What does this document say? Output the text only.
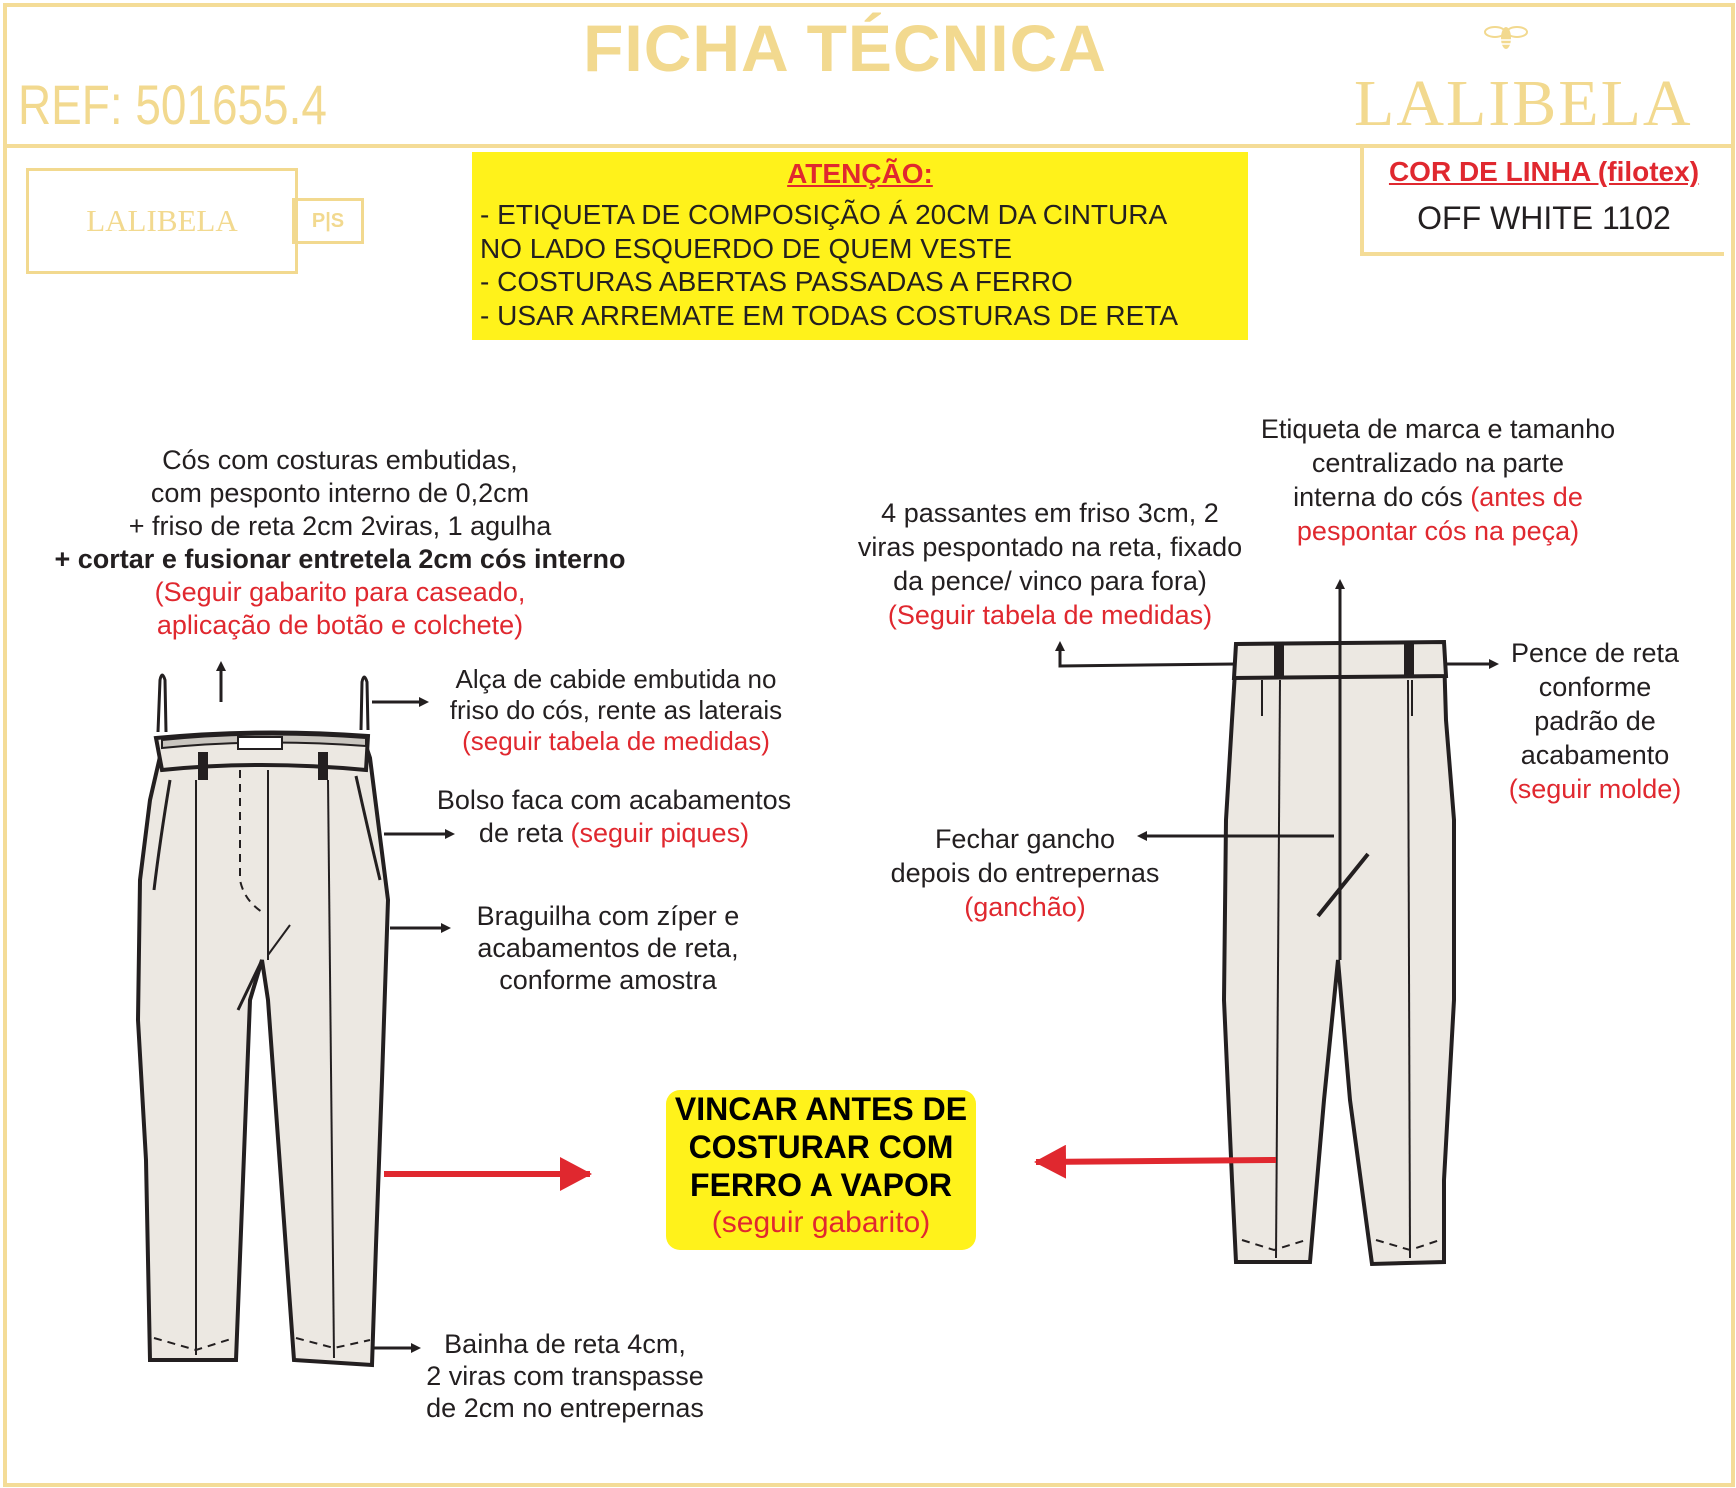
FICHA TÉCNICA
REF: 501655.4	LALIBELA
LALIBELA	P|S
ATENÇÃO:
- ETIQUETA DE COMPOSIÇÃO Á 20CM DA CINTURA
NO LADO ESQUERDO DE QUEM VESTE
- COSTURAS ABERTAS PASSADAS A FERRO
- USAR ARREMATE EM TODAS COSTURAS DE RETA
COR DE LINHA (filotex)
OFF WHITE 1102
Cós com costuras embutidas,
com pesponto interno de 0,2cm
+ friso de reta 2cm 2viras, 1 agulha
+ cortar e fusionar entretela 2cm cós interno
(Seguir gabarito para caseado,
aplicação de botão e colchete)
Alça de cabide embutida no
friso do cós, rente as laterais
(seguir tabela de medidas)
Bolso faca com acabamentos
de reta (seguir piques)
Braguilha com zíper e
acabamentos de reta,
conforme amostra
Bainha de reta 4cm,
2 viras com transpasse
de 2cm no entrepernas
Etiqueta de marca e tamanho
centralizado na parte
interna do cós (antes de
pespontar cós na peça)
4 passantes em friso 3cm, 2
viras pespontado na reta, fixado
da pence/ vinco para fora)
(Seguir tabela de medidas)
Pence de reta
conforme
padrão de
acabamento
(seguir molde)
Fechar gancho
depois do entrepernas
(ganchão)
VINCAR ANTES DE
COSTURAR COM
FERRO A VAPOR
(seguir gabarito)
